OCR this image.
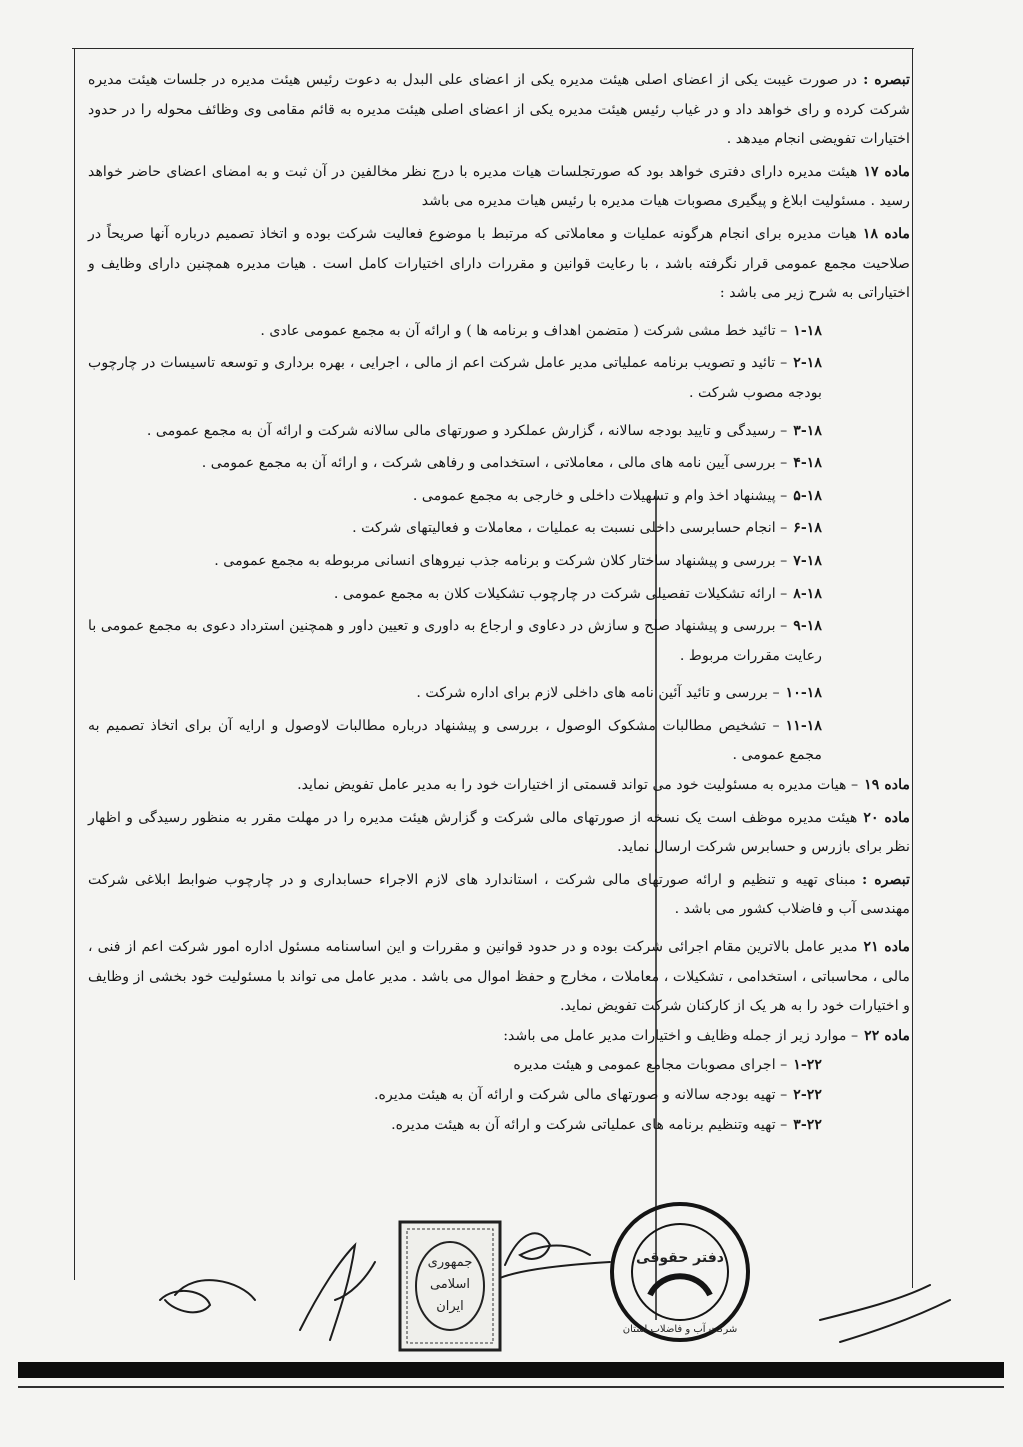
تبصره :در صورت غیبت یکی از اعضای اصلی هیئت مدیره یکی از اعضای علی البدل به دعوت رئیس هیئت مدیره در جلسات هیئت مدیره شرکت کرده و رای خواهد داد و در غیاب رئیس هیئت مدیره یکی از اعضای اصلی هیئت مدیره به قائم مقامی وی وظائف محوله را در حدود اختیارات تفویضی انجام میدهد .

ماده ۱۷هیئت مدیره دارای دفتری خواهد بود که صورتجلسات هیات مدیره با درج نظر مخالفین در آن ثبت و به امضای اعضای حاضر خواهد رسید . مسئولیت ابلاغ و پیگیری مصوبات هیات مدیره با رئیس هیات مدیره می باشد

ماده ۱۸هیات مدیره برای انجام هرگونه عملیات و معاملاتی که مرتبط با موضوع فعالیت شرکت بوده و اتخاذ تصمیم درباره آنها صریحاً در صلاحیت مجمع عمومی قرار نگرفته باشد ، با رعایت قوانین و مقررات دارای اختیارات کامل است . هیات مدیره همچنین دارای وظایف و اختیاراتی به شرح زیر می باشد :

۱-۱۸– تائید خط مشی شرکت ( متضمن اهداف و برنامه ها ) و ارائه آن به مجمع عمومی عادی .

۲-۱۸– تائید و تصویب برنامه عملیاتی مدیر عامل شرکت اعم از مالی ، اجرایی ، بهره برداری و توسعه تاسیسات در چارچوب بودجه مصوب شرکت .

۳-۱۸– رسیدگی و تایید بودجه سالانه ، گزارش عملکرد و صورتهای مالی سالانه شرکت و ارائه آن به مجمع عمومی .

۴-۱۸– بررسی آیین نامه های مالی ، معاملاتی ، استخدامی و رفاهی شرکت ، و ارائه آن به مجمع عمومی .

۵-۱۸– پیشنهاد اخذ وام و تسهیلات داخلی و خارجی به مجمع عمومی .

۶-۱۸– انجام حسابرسی داخلی نسبت به عملیات ، معاملات و فعالیتهای شرکت .

۷-۱۸– بررسی و پیشنهاد ساختار کلان شرکت و برنامه جذب نیروهای انسانی مربوطه به مجمع عمومی .

۸-۱۸– ارائه تشکیلات تفصیلی شرکت در چارچوب تشکیلات کلان به مجمع عمومی .

۹-۱۸– بررسی و پیشنهاد صلح و سازش در دعاوی و ارجاع به داوری و تعیین داور و همچنین استرداد دعوی به مجمع عمومی با رعایت مقررات مربوط .

۱۰-۱۸– بررسی و تائید آئین نامه های داخلی لازم برای اداره شرکت .

۱۱-۱۸– تشخیص مطالبات مشکوک الوصول ، بررسی و پیشنهاد درباره مطالبات لاوصول و ارایه آن برای اتخاذ تصمیم به مجمع عمومی .

ماده ۱۹– هیات مدیره به مسئولیت خود می تواند قسمتی از اختیارات خود را به مدیر عامل تفویض نماید.

ماده ۲۰هیئت مدیره موظف است یک نسخه از صورتهای مالی شرکت و گزارش هیئت مدیره را در مهلت مقرر به منظور رسیدگی و اظهار نظر برای بازرس و حسابرس شرکت ارسال نماید.

تبصره :مبنای تهیه و تنظیم و ارائه صورتهای مالی شرکت ، استاندارد های لازم الاجراء حسابداری و در چارچوب ضوابط ابلاغی شرکت مهندسی آب و فاضلاب کشور می باشد .

ماده ۲۱مدیر عامل بالاترین مقام اجرائی شرکت بوده و در حدود قوانین و مقررات و این اساسنامه مسئول اداره امور شرکت اعم از فنی ، مالی ، محاسباتی ، استخدامی ، تشکیلات ، معاملات ، مخارج و حفظ اموال می باشد . مدیر عامل می تواند با مسئولیت خود بخشی از وظایف و اختیارات خود را به هر یک از کارکنان شرکت تفویض نماید.

ماده ۲۲– موارد زیر از جمله وظایف و اختیارات مدیر عامل می باشد:

۱-۲۲– اجرای مصوبات مجامع عمومی و هیئت مدیره

۲-۲۲– تهیه بودجه سالانه و صورتهای مالی شرکت و ارائه آن به هیئت مدیره.

۳-۲۲– تهیه وتنظیم برنامه های عملیاتی شرکت و ارائه آن به هیئت مدیره.

جمهوری
اسلامی
ایران
دفتر حقوقی
شرکت آب و فاضلاب استان
